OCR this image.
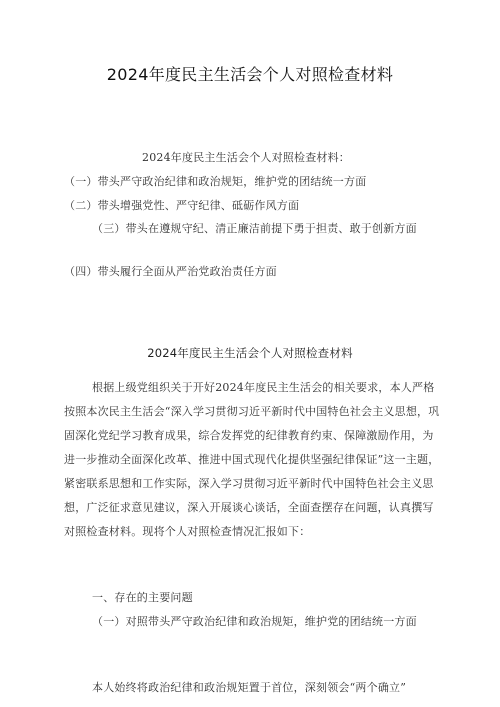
2024年度民主生活会个人对照检查材料
2024年度民主生活会个人对照检查材料：
（一）带头严守政治纪律和政治规矩，维护党的团结统一方面
（二）带头增强党性、严守纪律、砥砺作风方面
（三）带头在遵规守纪、清正廉洁前提下勇于担责、敢于创新方面
（四）带头履行全面从严治党政治责任方面
2024年度民主生活会个人对照检查材料
根据上级党组织关于开好2024年度民主生活会的相关要求，本人严格按照本次民主生活会“深入学习贯彻习近平新时代中国特色社会主义思想，巩固深化党纪学习教育成果，综合发挥党的纪律教育约束、保障激励作用，为进一步推动全面深化改革、推进中国式现代化提供坚强纪律保证”这一主题，紧密联系思想和工作实际，深入学习贯彻习近平新时代中国特色社会主义思想，广泛征求意见建议，深入开展谈心谈话，全面查摆存在问题，认真撰写对照检查材料。现将个人对照检查情况汇报如下：
一、存在的主要问题
（一）对照带头严守政治纪律和政治规矩，维护党的团结统一方面
本人始终将政治纪律和政治规矩置于首位，深刻领会“两个确立”
